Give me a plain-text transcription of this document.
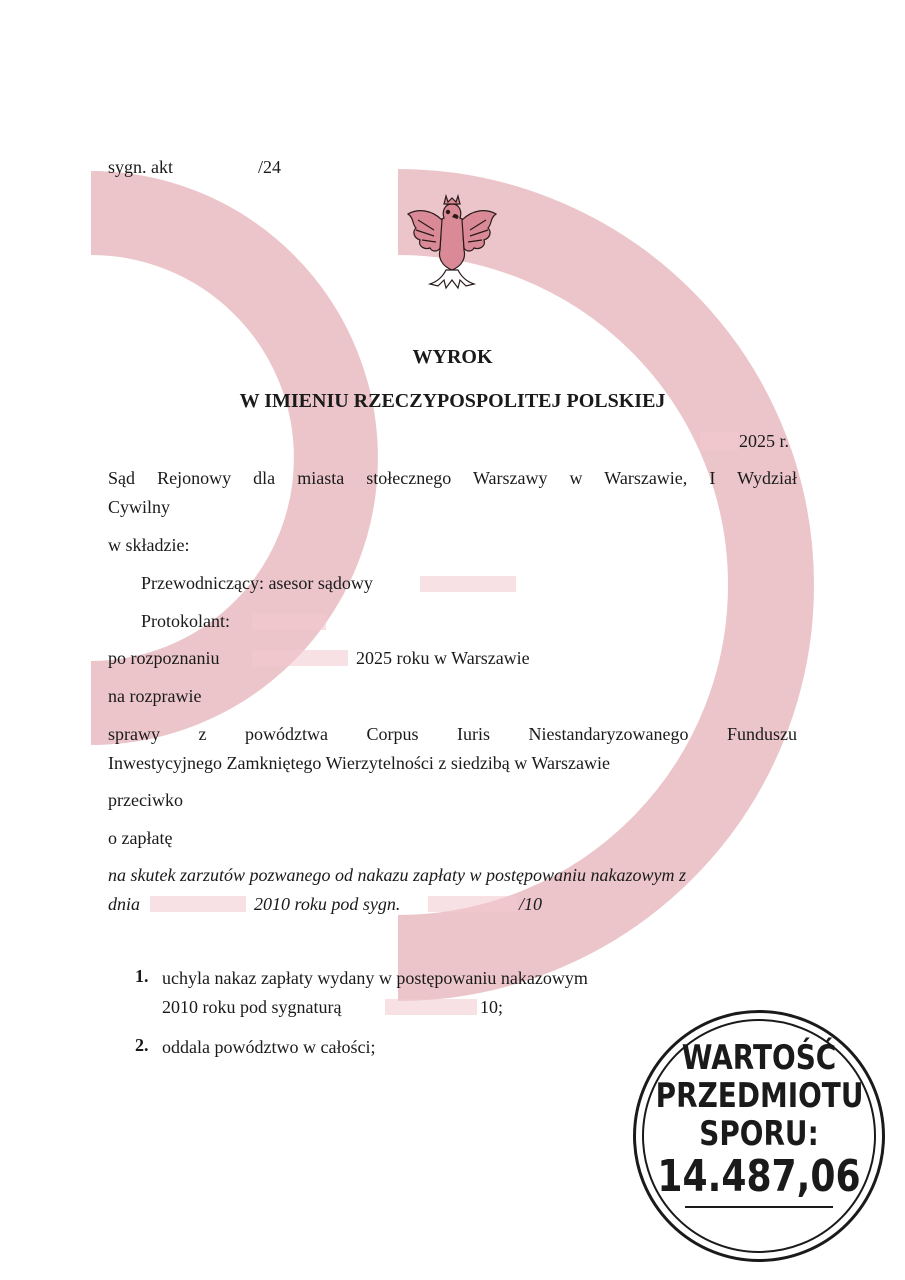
sygn. akt	/24
WYROK
W IMIENIU RZECZYPOSPOLITEJ POLSKIEJ
2025 r.
Sąd Rejonowy dla miasta stołecznego Warszawy w Warszawie, I Wydział
Cywilny
w składzie:
Przewodniczący: asesor sądowy
Protokolant:
po rozpoznaniu	2025 roku w Warszawie
na rozprawie
sprawy z powództwa Corpus Iuris Niestandaryzowanego Funduszu
Inwestycyjnego Zamkniętego Wierzytelności z siedzibą w Warszawie
przeciwko
o zapłatę
na skutek zarzutów pozwanego od nakazu zapłaty w postępowaniu nakazowym z
dnia	2010 roku pod sygn.	/10
1. uchyla nakaz zapłaty wydany w postępowaniu nakazowym
2010 roku pod sygnaturą	10;
2. oddala powództwo w całości;	WARTOŚĆ
PRZEDMIOTU
SPORU:
14.487,06
